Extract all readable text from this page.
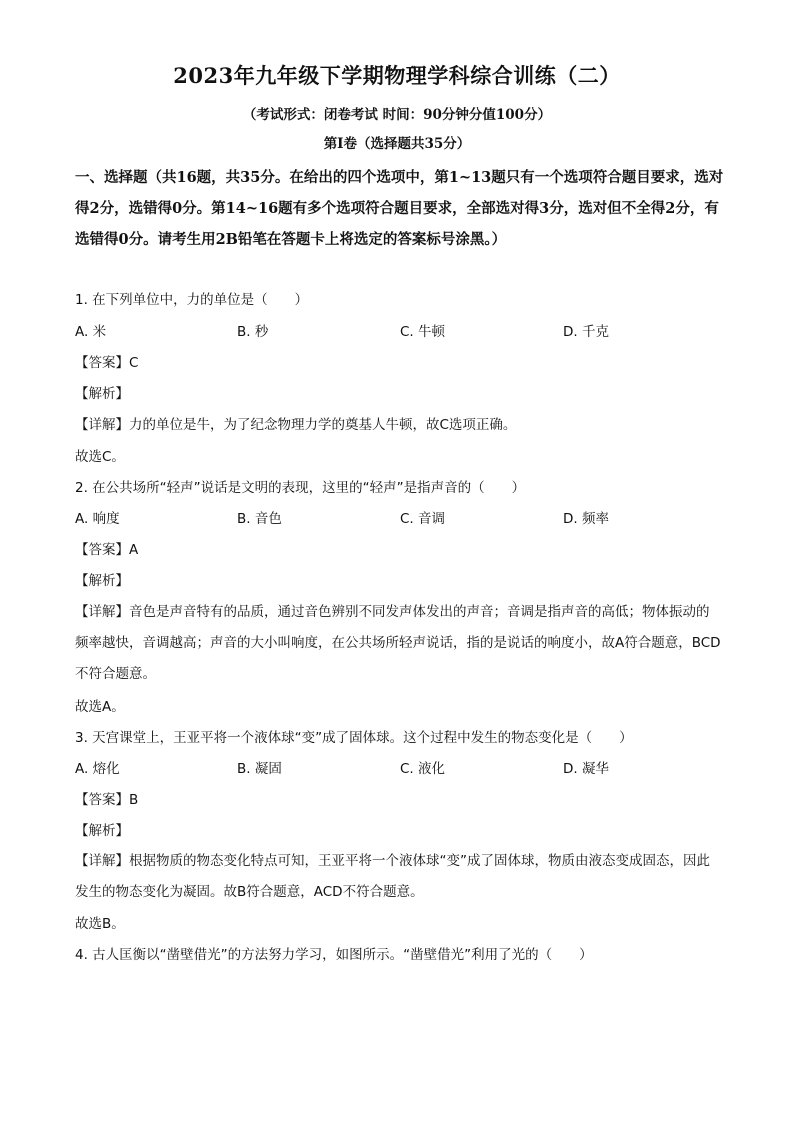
2023年九年级下学期物理学科综合训练（二）
（考试形式：闭卷考试 时间：90分钟分值100分）
第Ⅰ卷（选择题共35分）
一、选择题（共16题，共35分。在给出的四个选项中，第1~13题只有一个选项符合题目要求，选对得2分，选错得0分。第14~16题有多个选项符合题目要求，全部选对得3分，选对但不全得2分，有选错得0分。请考生用2B铅笔在答题卡上将选定的答案标号涂黑。）
1. 在下列单位中，力的单位是（　　）
A. 米	B. 秒	C. 牛顿	D. 千克
【答案】C
【解析】
【详解】力的单位是牛，为了纪念物理力学的奠基人牛顿，故C选项正确。
故选C。
2. 在公共场所“轻声”说话是文明的表现，这里的“轻声”是指声音的（　　）
A. 响度	B. 音色	C. 音调	D. 频率
【答案】A
【解析】
【详解】音色是声音特有的品质，通过音色辨别不同发声体发出的声音；音调是指声音的高低；物体振动的频率越快，音调越高；声音的大小叫响度，在公共场所轻声说话，指的是说话的响度小，故A符合题意，BCD不符合题意。
故选A。
3. 天宫课堂上，王亚平将一个液体球“变”成了固体球。这个过程中发生的物态变化是（　　）
A. 熔化	B. 凝固	C. 液化	D. 凝华
【答案】B
【解析】
【详解】根据物质的物态变化特点可知，王亚平将一个液体球“变”成了固体球，物质由液态变成固态，因此发生的物态变化为凝固。故B符合题意，ACD不符合题意。
故选B。
4. 古人匡衡以“凿壁借光”的方法努力学习，如图所示。“凿壁借光”利用了光的（　　）
